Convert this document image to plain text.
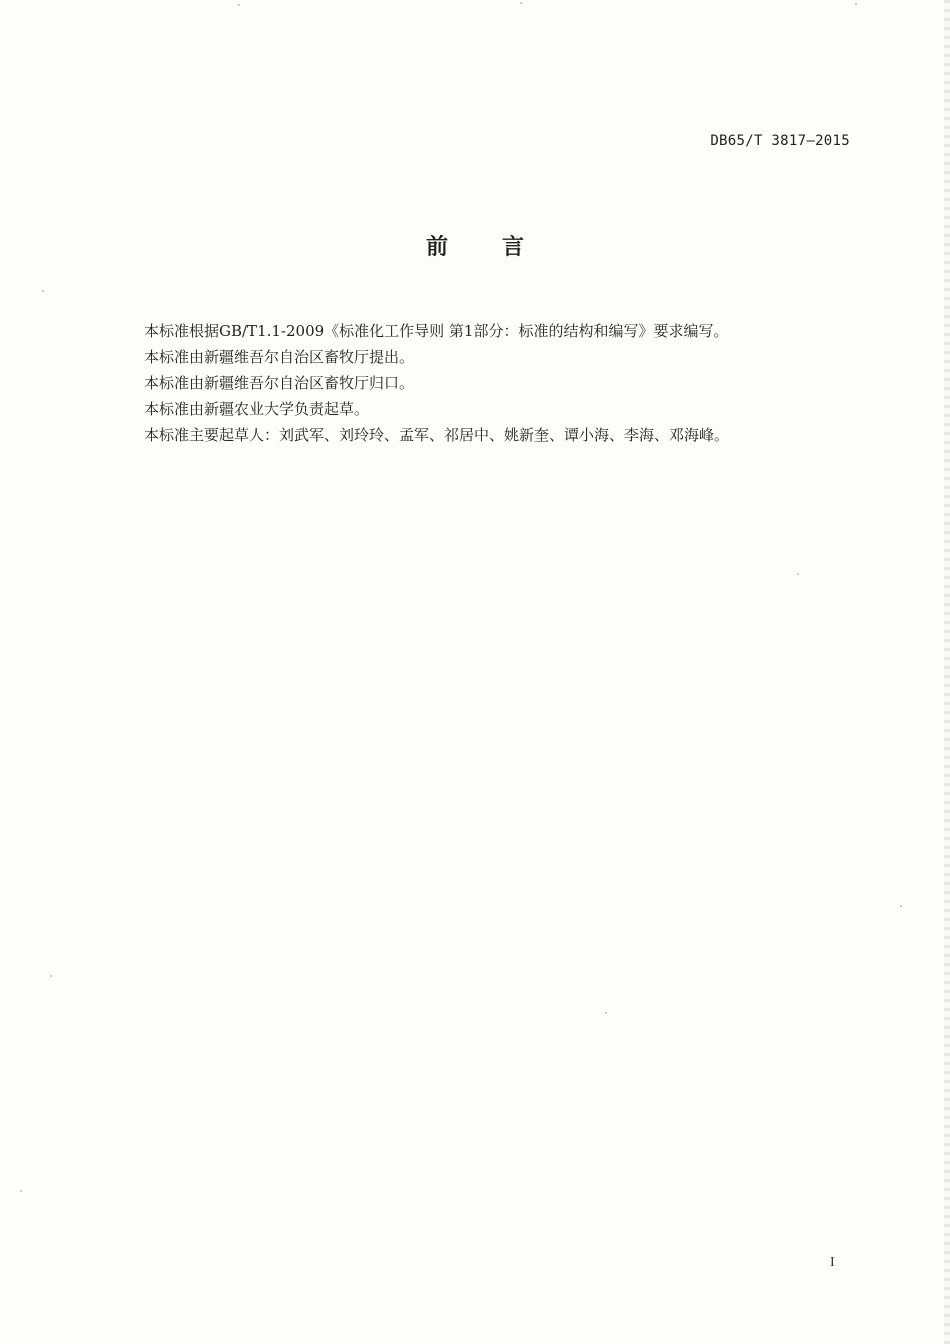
DB65/T 3817—2015
前言
本标准根据GB/T1.1-2009《标准化工作导则 第1部分：标准的结构和编写》要求编写。
本标准由新疆维吾尔自治区畜牧厅提出。
本标准由新疆维吾尔自治区畜牧厅归口。
本标准由新疆农业大学负责起草。
本标准主要起草人：刘武军、刘玲玲、孟军、祁居中、姚新奎、谭小海、李海、邓海峰。
I
